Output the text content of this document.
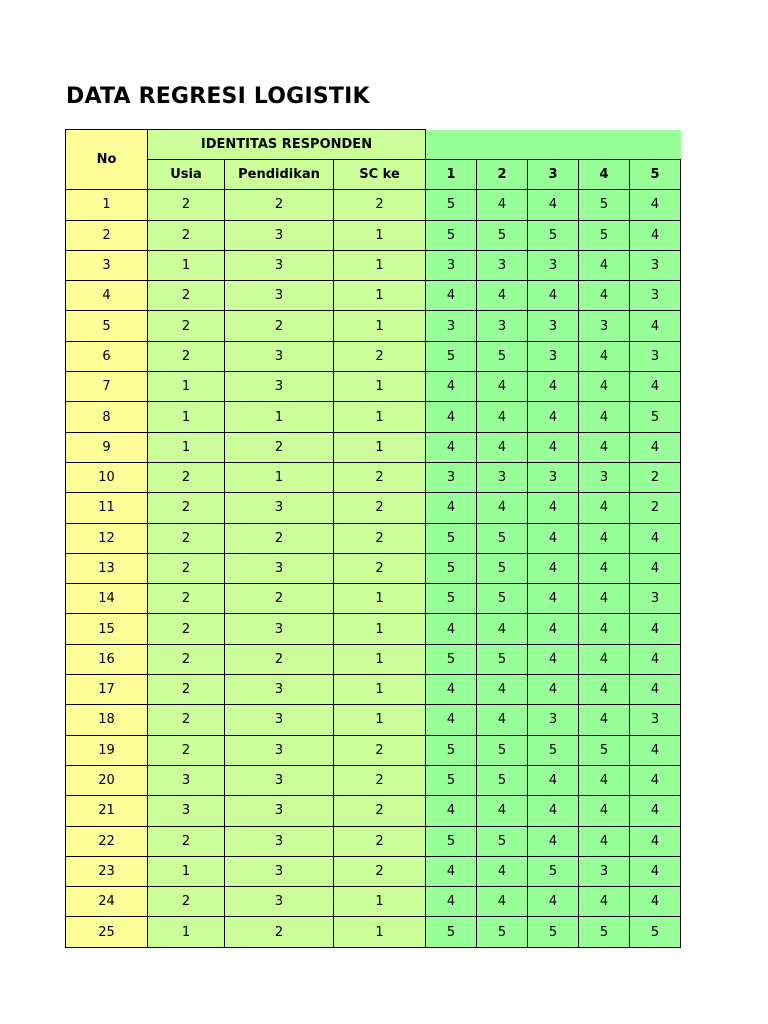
DATA REGRESI LOGISTIK
No	IDENTITAS RESPONDEN							
	Usia	Pendidikan	SC ke	1	2	3	4	5
1	2	2	2	5	4	4	5	4
2	2	3	1	5	5	5	5	4
3	1	3	1	3	3	3	4	3
4	2	3	1	4	4	4	4	3
5	2	2	1	3	3	3	3	4
6	2	3	2	5	5	3	4	3
7	1	3	1	4	4	4	4	4
8	1	1	1	4	4	4	4	5
9	1	2	1	4	4	4	4	4
10	2	1	2	3	3	3	3	2
11	2	3	2	4	4	4	4	2
12	2	2	2	5	5	4	4	4
13	2	3	2	5	5	4	4	4
14	2	2	1	5	5	4	4	3
15	2	3	1	4	4	4	4	4
16	2	2	1	5	5	4	4	4
17	2	3	1	4	4	4	4	4
18	2	3	1	4	4	3	4	3
19	2	3	2	5	5	5	5	4
20	3	3	2	5	5	4	4	4
21	3	3	2	4	4	4	4	4
22	2	3	2	5	5	4	4	4
23	1	3	2	4	4	5	3	4
24	2	3	1	4	4	4	4	4
25	1	2	1	5	5	5	5	5
